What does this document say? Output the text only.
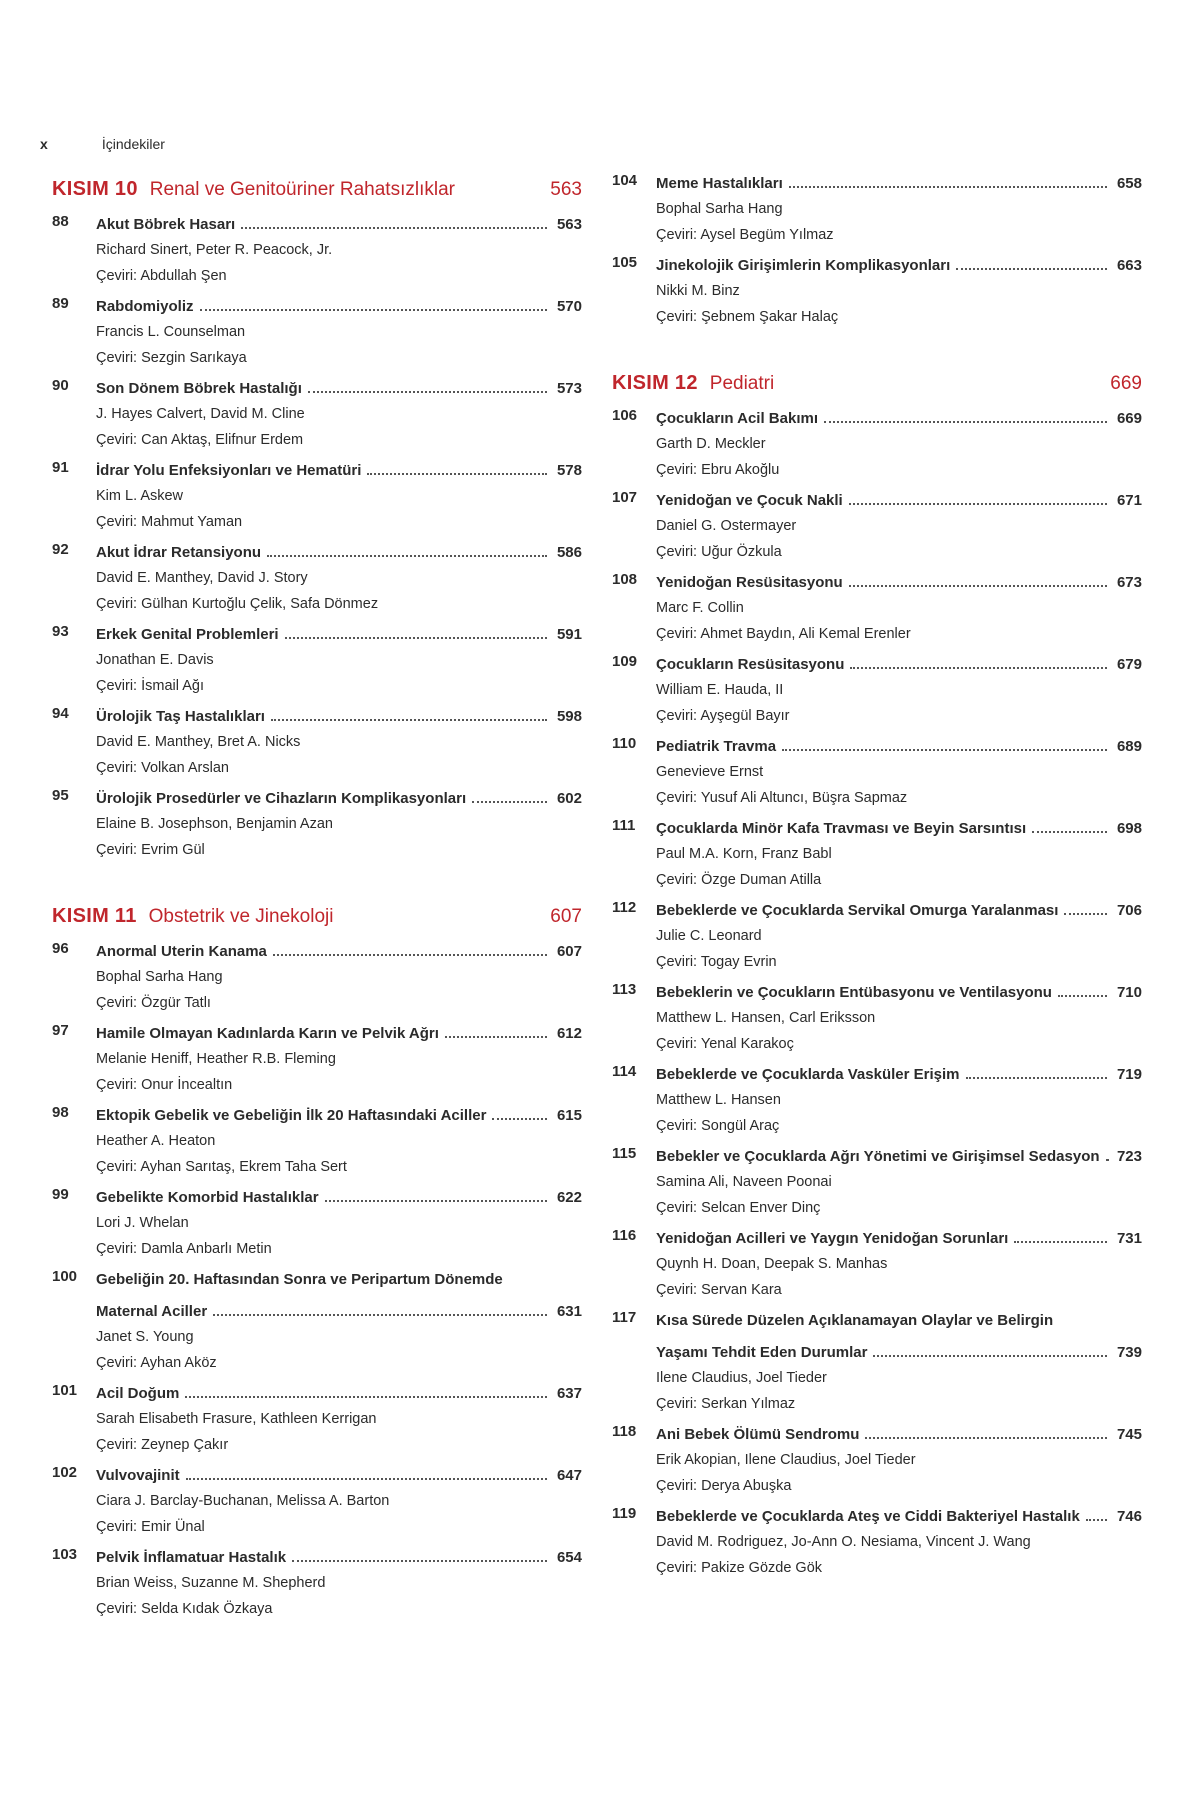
x	İçindekiler
KISIM 10 Renal ve Genitoüriner Rahatsızlıklar	563
88	Akut Böbrek Hasarı	563
Richard Sinert, Peter R. Peacock, Jr.
Çeviri: Abdullah Şen
89	Rabdomiyoliz	570
Francis L. Counselman
Çeviri: Sezgin Sarıkaya
90	Son Dönem Böbrek Hastalığı	573
J. Hayes Calvert, David M. Cline
Çeviri: Can Aktaş, Elifnur Erdem
91	İdrar Yolu Enfeksiyonları ve Hematüri	578
Kim L. Askew
Çeviri: Mahmut Yaman
92	Akut İdrar Retansiyonu	586
David E. Manthey, David J. Story
Çeviri: Gülhan Kurtoğlu Çelik, Safa Dönmez
93	Erkek Genital Problemleri	591
Jonathan E. Davis
Çeviri: İsmail Ağı
94	Ürolojik Taş Hastalıkları	598
David E. Manthey, Bret A. Nicks
Çeviri: Volkan Arslan
95	Ürolojik Prosedürler ve Cihazların Komplikasyonları	602
Elaine B. Josephson, Benjamin Azan
Çeviri: Evrim Gül
KISIM 11 Obstetrik ve Jinekoloji	607
96	Anormal Uterin Kanama	607
Bophal Sarha Hang
Çeviri: Özgür Tatlı
97	Hamile Olmayan Kadınlarda Karın ve Pelvik Ağrı	612
Melanie Heniff, Heather R.B. Fleming
Çeviri: Onur İncealtın
98	Ektopik Gebelik ve Gebeliğin İlk 20 Haftasındaki Aciller	615
Heather A. Heaton
Çeviri: Ayhan Sarıtaş, Ekrem Taha Sert
99	Gebelikte Komorbid Hastalıklar	622
Lori J. Whelan
Çeviri: Damla Anbarlı Metin
100	Gebeliğin 20. Haftasından Sonra ve Peripartum Dönemde
Maternal Aciller	631
Janet S. Young
Çeviri: Ayhan Aköz
101	Acil Doğum	637
Sarah Elisabeth Frasure, Kathleen Kerrigan
Çeviri: Zeynep Çakır
102	Vulvovajinit	647
Ciara J. Barclay-Buchanan, Melissa A. Barton
Çeviri: Emir Ünal
103	Pelvik İnflamatuar Hastalık	654
Brian Weiss, Suzanne M. Shepherd
Çeviri: Selda Kıdak Özkaya
104	Meme Hastalıkları	658
Bophal Sarha Hang
Çeviri: Aysel Begüm Yılmaz
105	Jinekolojik Girişimlerin Komplikasyonları	663
Nikki M. Binz
Çeviri: Şebnem Şakar Halaç
KISIM 12 Pediatri	669
106	Çocukların Acil Bakımı	669
Garth D. Meckler
Çeviri: Ebru Akoğlu
107	Yenidoğan ve Çocuk Nakli	671
Daniel G. Ostermayer
Çeviri: Uğur Özkula
108	Yenidoğan Resüsitasyonu	673
Marc F. Collin
Çeviri: Ahmet Baydın, Ali Kemal Erenler
109	Çocukların Resüsitasyonu	679
William E. Hauda, II
Çeviri: Ayşegül Bayır
110	Pediatrik Travma	689
Genevieve Ernst
Çeviri: Yusuf Ali Altuncı, Büşra Sapmaz
111	Çocuklarda Minör Kafa Travması ve Beyin Sarsıntısı	698
Paul M.A. Korn, Franz Babl
Çeviri: Özge Duman Atilla
112	Bebeklerde ve Çocuklarda Servikal Omurga Yaralanması	706
Julie C. Leonard
Çeviri: Togay Evrin
113	Bebeklerin ve Çocukların Entübasyonu ve Ventilasyonu	710
Matthew L. Hansen, Carl Eriksson
Çeviri: Yenal Karakoç
114	Bebeklerde ve Çocuklarda Vasküler Erişim	719
Matthew L. Hansen
Çeviri: Songül Araç
115	Bebekler ve Çocuklarda Ağrı Yönetimi ve Girişimsel Sedasyon 723
Samina Ali, Naveen Poonai
Çeviri: Selcan Enver Dinç
116	Yenidoğan Acilleri ve Yaygın Yenidoğan Sorunları	731
Quynh H. Doan, Deepak S. Manhas
Çeviri: Servan Kara
117	Kısa Sürede Düzelen Açıklanamayan Olaylar ve Belirgin
Yaşamı Tehdit Eden Durumlar	739
Ilene Claudius, Joel Tieder
Çeviri: Serkan Yılmaz
118	Ani Bebek Ölümü Sendromu	745
Erik Akopian, Ilene Claudius, Joel Tieder
Çeviri: Derya Abuşka
119	Bebeklerde ve Çocuklarda Ateş ve Ciddi Bakteriyel Hastalık 746
David M. Rodriguez, Jo-Ann O. Nesiama, Vincent J. Wang
Çeviri: Pakize Gözde Gök
